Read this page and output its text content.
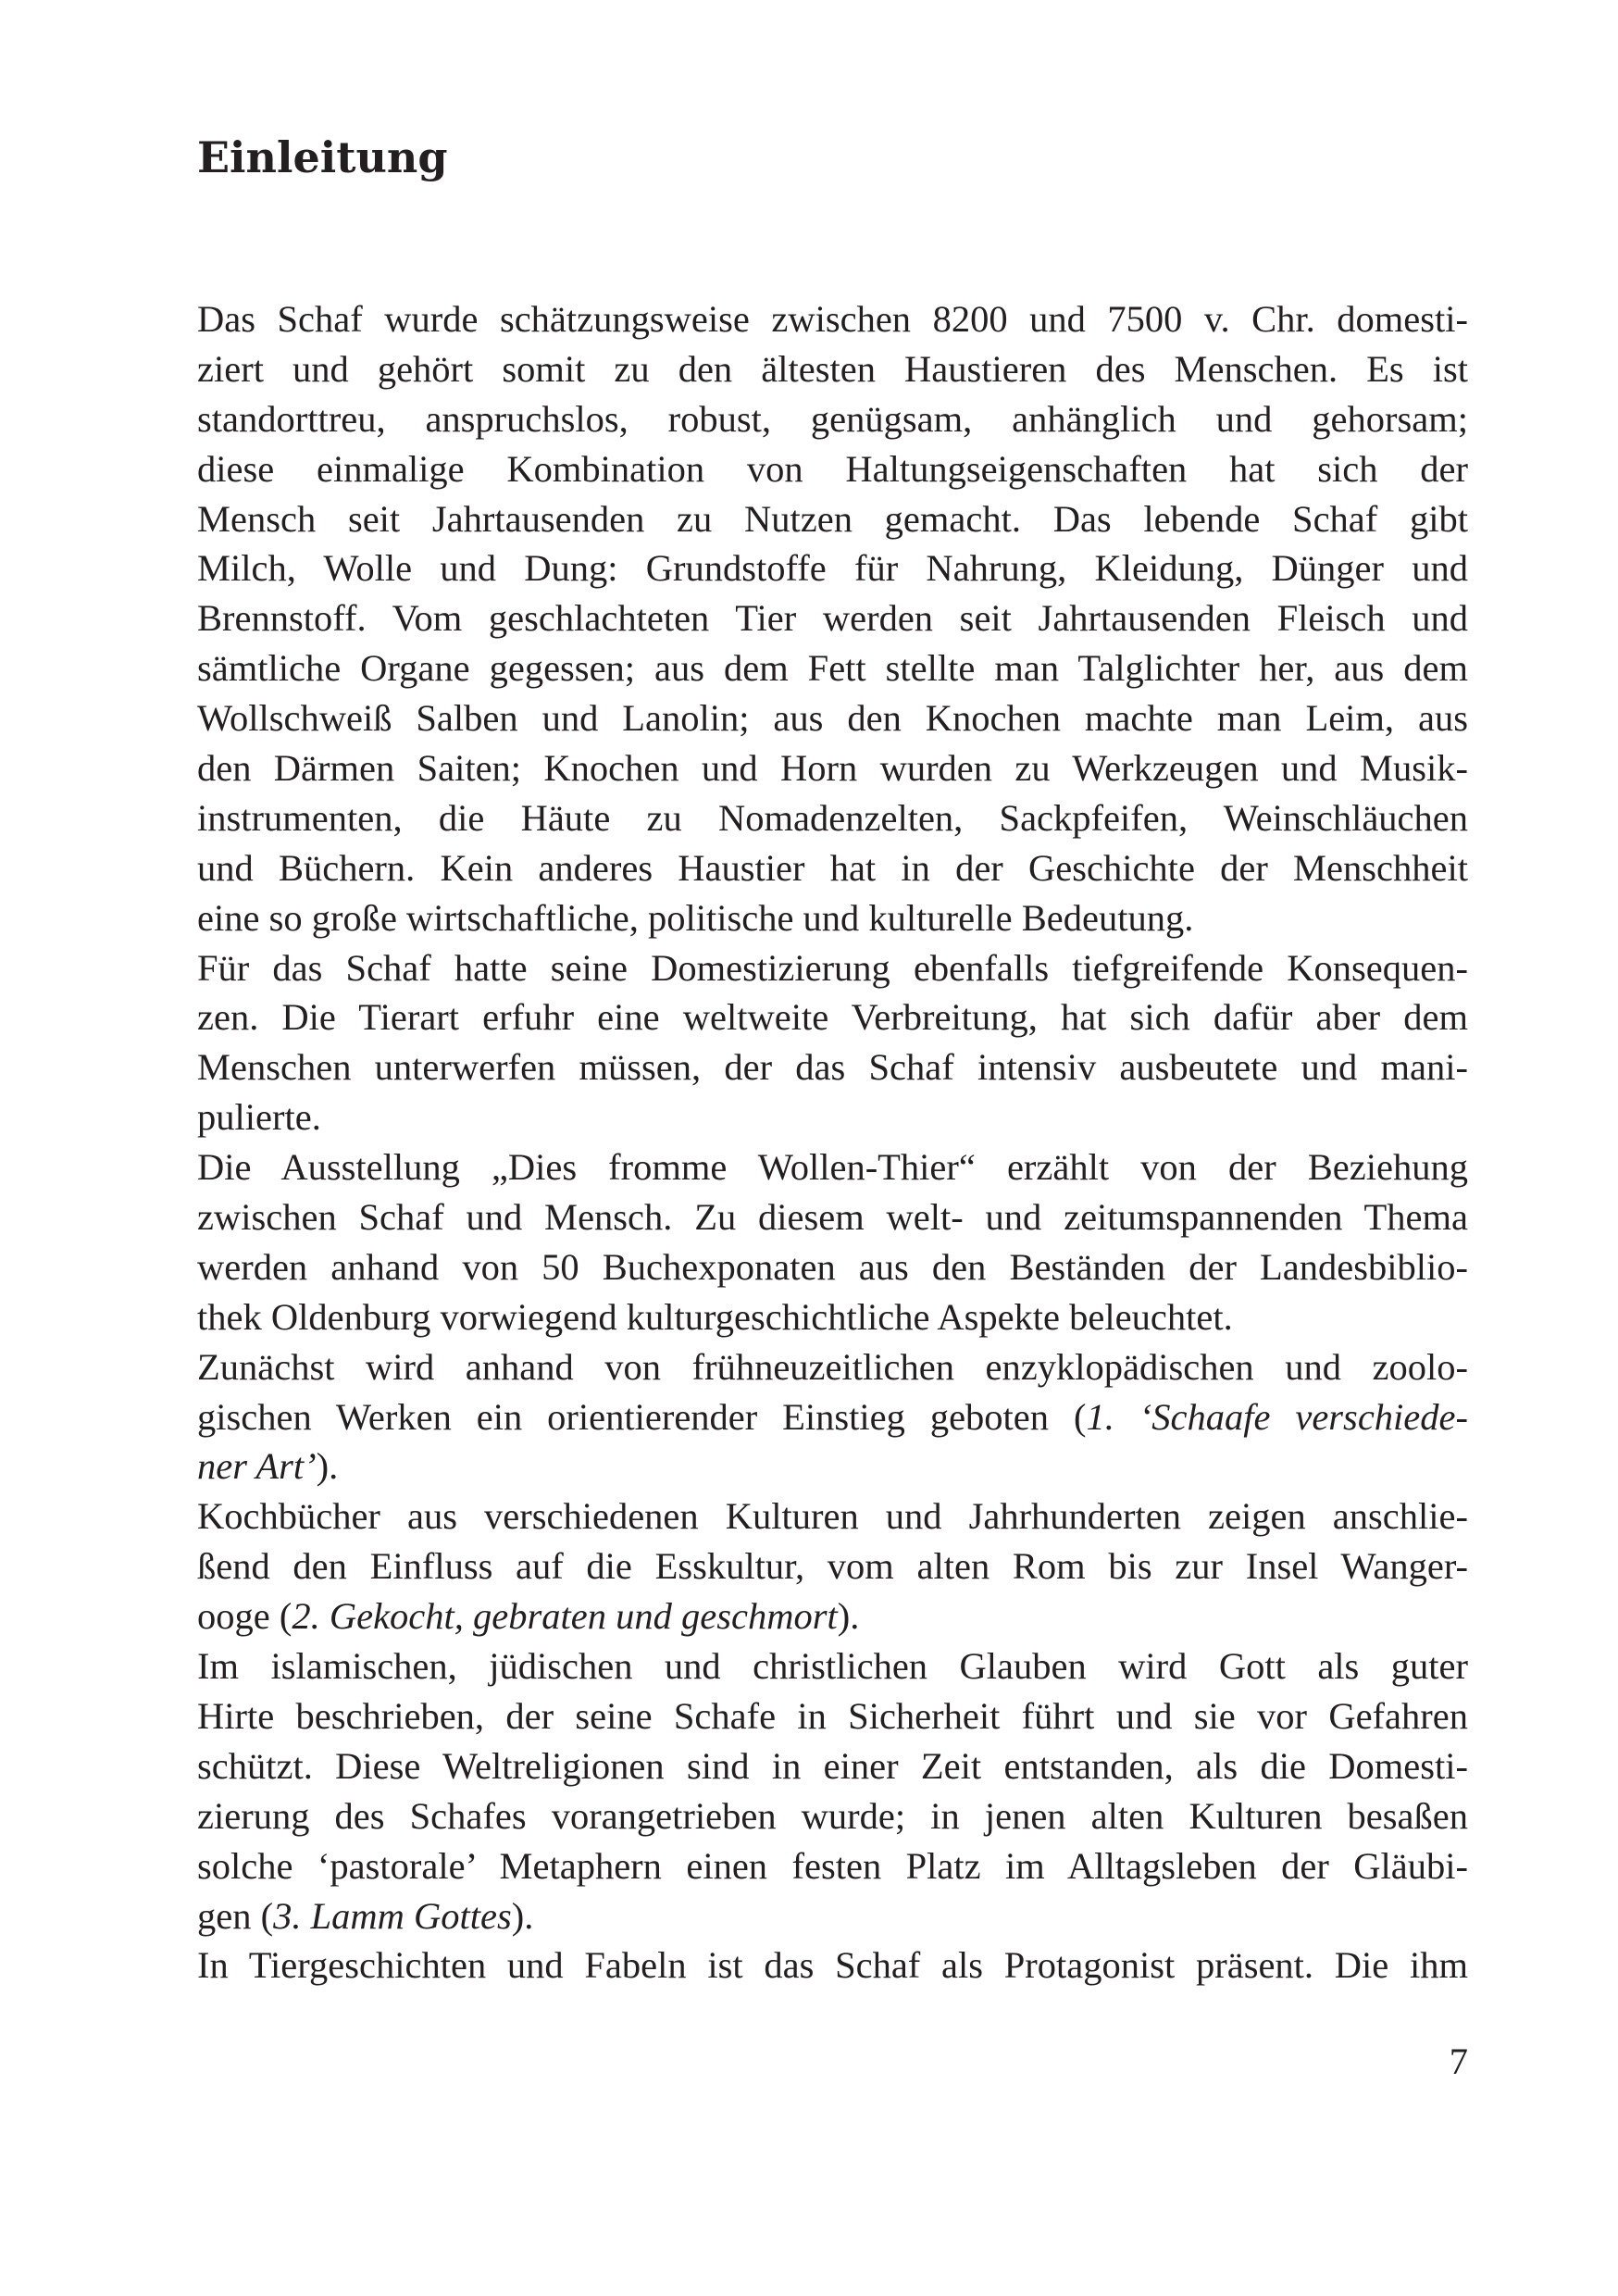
Einleitung
Das Schaf wurde schätzungsweise zwischen 8200 und 7500 v. Chr. domesti-
ziert und gehört somit zu den ältesten Haustieren des Menschen. Es ist
standorttreu, anspruchslos, robust, genügsam, anhänglich und gehorsam;
diese einmalige Kombination von Haltungseigenschaften hat sich der
Mensch seit Jahrtausenden zu Nutzen gemacht. Das lebende Schaf gibt
Milch, Wolle und Dung: Grundstoffe für Nahrung, Kleidung, Dünger und
Brennstoff. Vom geschlachteten Tier werden seit Jahrtausenden Fleisch und
sämtliche Organe gegessen; aus dem Fett stellte man Talglichter her, aus dem
Wollschweiß Salben und Lanolin; aus den Knochen machte man Leim, aus
den Därmen Saiten; Knochen und Horn wurden zu Werkzeugen und Musik-
instrumenten, die Häute zu Nomadenzelten, Sackpfeifen, Weinschläuchen
und Büchern. Kein anderes Haustier hat in der Geschichte der Menschheit
eine so große wirtschaftliche, politische und kulturelle Bedeutung.
Für das Schaf hatte seine Domestizierung ebenfalls tiefgreifende Konsequen-
zen. Die Tierart erfuhr eine weltweite Verbreitung, hat sich dafür aber dem
Menschen unterwerfen müssen, der das Schaf intensiv ausbeutete und mani-
pulierte.
Die Ausstellung „Dies fromme Wollen-Thier“ erzählt von der Beziehung
zwischen Schaf und Mensch. Zu diesem welt- und zeitumspannenden Thema
werden anhand von 50 Buchexponaten aus den Beständen der Landesbiblio-
thek Oldenburg vorwiegend kulturgeschichtliche Aspekte beleuchtet.
Zunächst wird anhand von frühneuzeitlichen enzyklopädischen und zoolo-
gischen Werken ein orientierender Einstieg geboten (1. ‘Schaafe verschiede-
ner Art’).
Kochbücher aus verschiedenen Kulturen und Jahrhunderten zeigen anschlie-
ßend den Einfluss auf die Esskultur, vom alten Rom bis zur Insel Wanger-
ooge (2. Gekocht, gebraten und geschmort).
Im islamischen, jüdischen und christlichen Glauben wird Gott als guter
Hirte beschrieben, der seine Schafe in Sicherheit führt und sie vor Gefahren
schützt. Diese Weltreligionen sind in einer Zeit entstanden, als die Domesti-
zierung des Schafes vorangetrieben wurde; in jenen alten Kulturen besaßen
solche ‘pastorale’ Metaphern einen festen Platz im Alltagsleben der Gläubi-
gen (3. Lamm Gottes).
In Tiergeschichten und Fabeln ist das Schaf als Protagonist präsent. Die ihm
7
